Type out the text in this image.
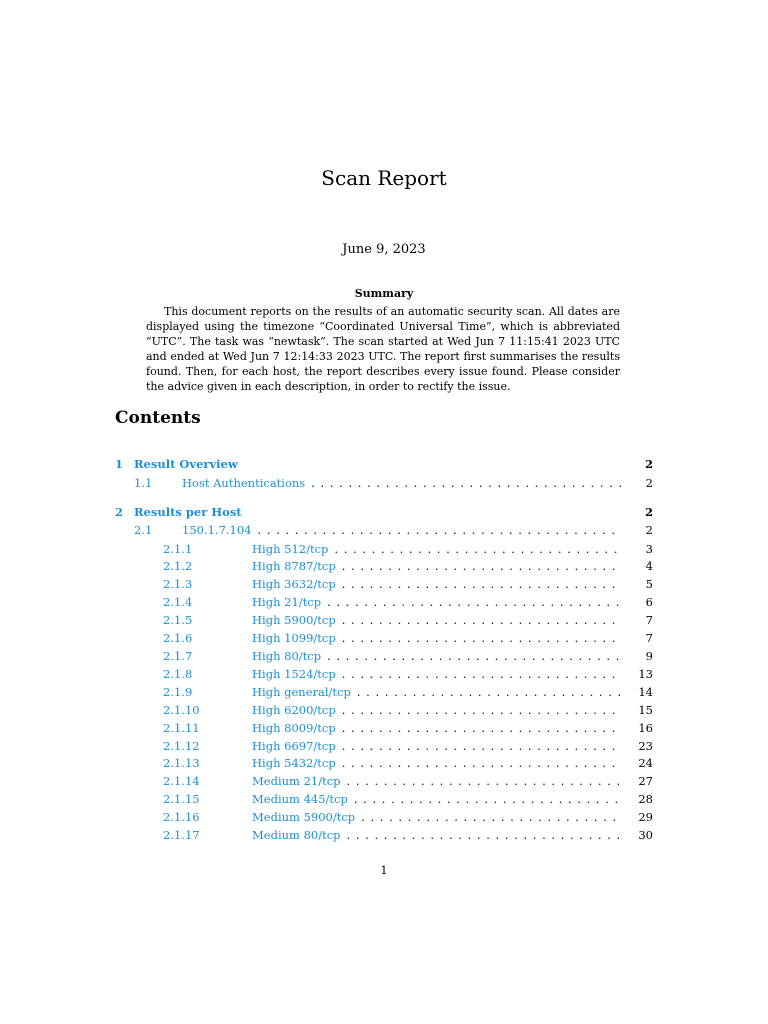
Scan Report
June 9, 2023
Summary

This document reports on the results of an automatic security scan. All dates are displayed using the timezone “Coordinated Universal Time”, which is abbreviated “UTC”. The task was “newtask”. The scan started at Wed Jun 7 11:15:41 2023 UTC and ended at Wed Jun 7 12:14:33 2023 UTC. The report first summarises the results found. Then, for each host, the report describes every issue found. Please consider the advice given in each description, in order to rectify the issue.

Contents
1 Result Overview	2
1.1	Host Authentications . . .	2
2 Results per Host	2
2.1	150.1.7.104 . . .	2
2.1.1	High 512/tcp . . .	3
2.1.2	High 8787/tcp . . .	4
2.1.3	High 3632/tcp . . .	5
2.1.4	High 21/tcp . . .	6
2.1.5	High 5900/tcp . . .	7
2.1.6	High 1099/tcp . . .	7
2.1.7	High 80/tcp . . .	9
2.1.8	High 1524/tcp . . .	13
2.1.9	High general/tcp . . .	14
2.1.10	High 6200/tcp . . .	15
2.1.11	High 8009/tcp . . .	16
2.1.12	High 6697/tcp . . .	23
2.1.13	High 5432/tcp . . .	24
2.1.14	Medium 21/tcp . . .	27
2.1.15	Medium 445/tcp . . .	28
2.1.16	Medium 5900/tcp . . .	29
2.1.17	Medium 80/tcp . . .	30
1
